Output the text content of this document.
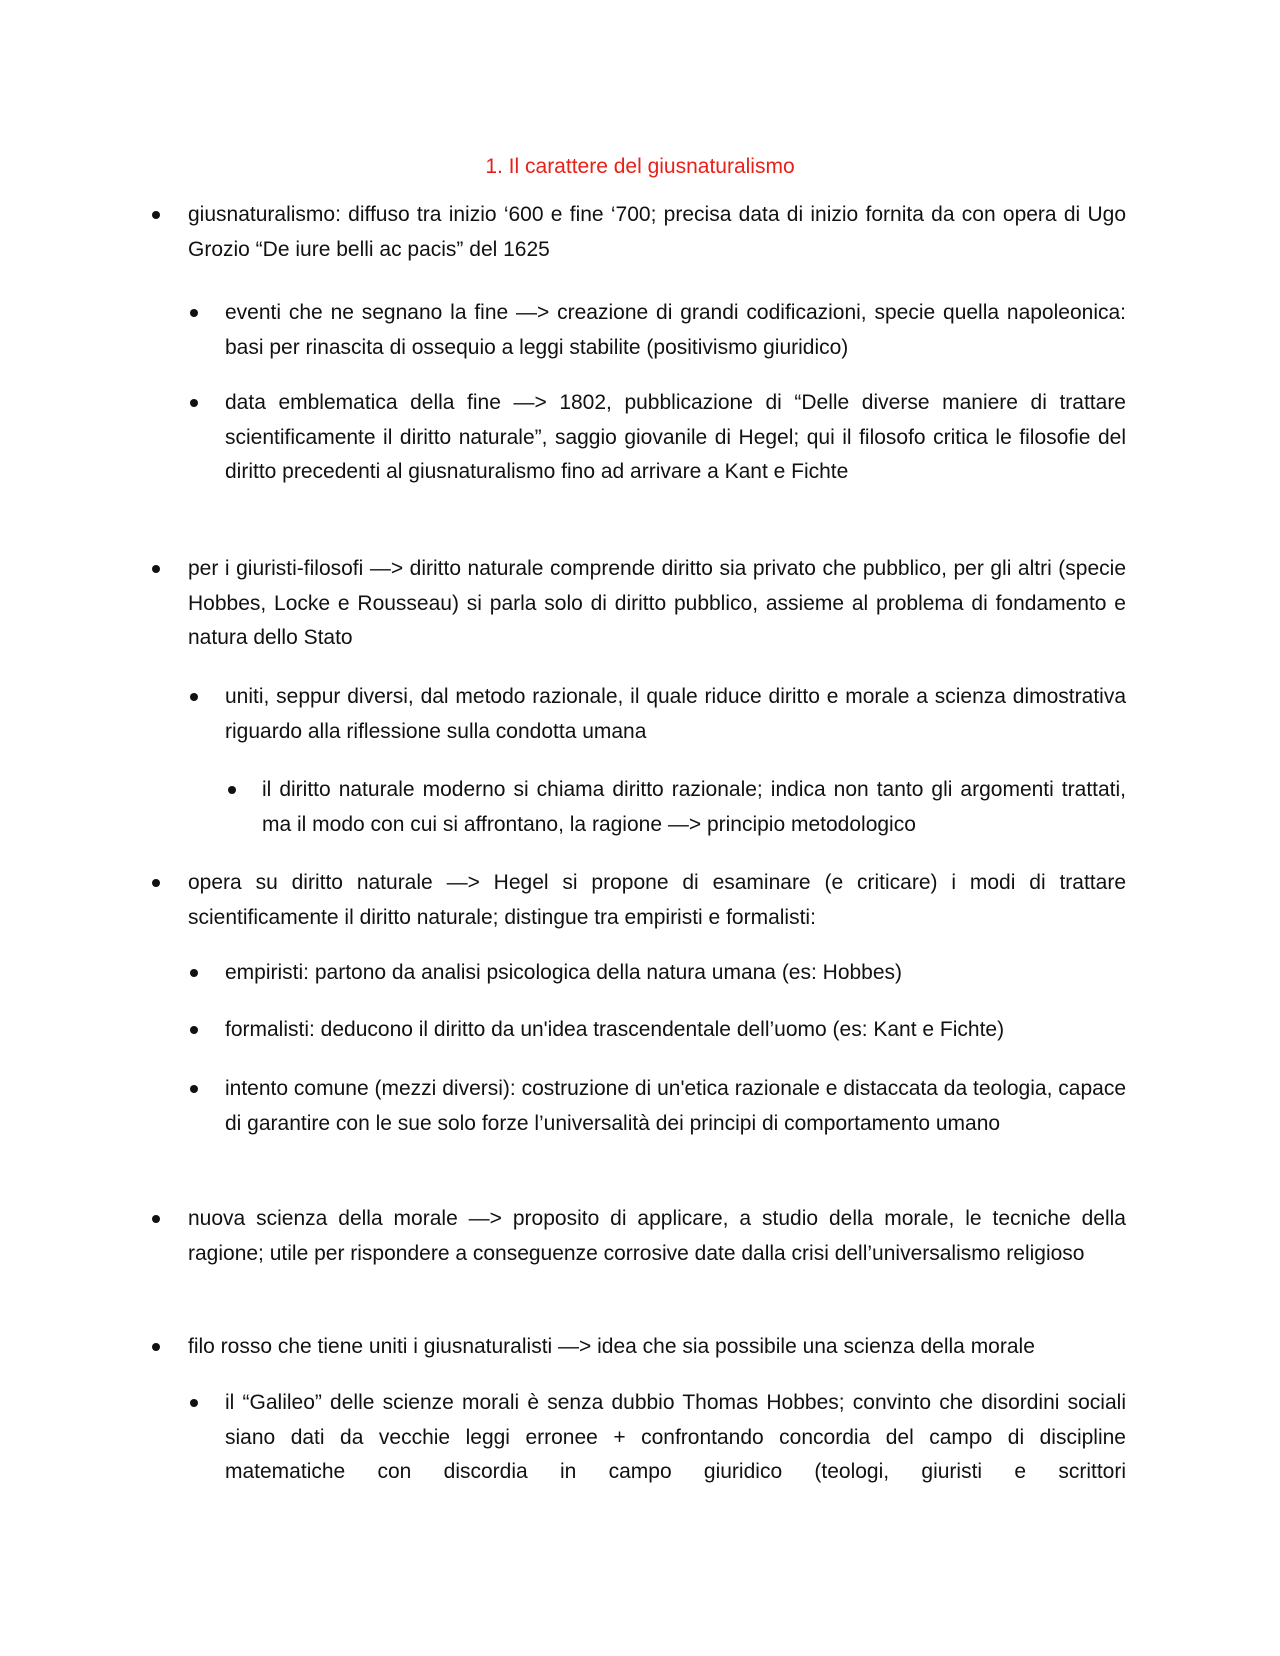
1. Il carattere del giusnaturalismo
giusnaturalismo: diffuso tra inizio ‘600 e fine ‘700; precisa data di inizio fornita da con opera di Ugo Grozio “De iure belli ac pacis” del 1625
eventi che ne segnano la fine —> creazione di grandi codificazioni, specie quella napoleonica: basi per rinascita di ossequio a leggi stabilite (positivismo giuridico)
data emblematica della fine —> 1802, pubblicazione di “Delle diverse maniere di trattare scientificamente il diritto naturale”, saggio giovanile di Hegel; qui il filosofo critica le filosofie del diritto precedenti al giusnaturalismo fino ad arrivare a Kant e Fichte
per i giuristi-filosofi —> diritto naturale comprende diritto sia privato che pubblico, per gli altri (specie Hobbes, Locke e Rousseau) si parla solo di diritto pubblico, assieme al problema di fondamento e natura dello Stato
uniti, seppur diversi, dal metodo razionale, il quale riduce diritto e morale a scienza dimostrativa riguardo alla riflessione sulla condotta umana
il diritto naturale moderno si chiama diritto razionale; indica non tanto gli argomenti trattati, ma il modo con cui si affrontano, la ragione —> principio metodologico
opera su diritto naturale —> Hegel si propone di esaminare (e criticare) i modi di trattare scientificamente il diritto naturale; distingue tra empiristi e formalisti:
empiristi: partono da analisi psicologica della natura umana (es: Hobbes)
formalisti: deducono il diritto da un'idea trascendentale dell’uomo (es: Kant e Fichte)
intento comune (mezzi diversi): costruzione di un'etica razionale e distaccata da teologia, capace di garantire con le sue solo forze l’universalità dei principi di comportamento umano
nuova scienza della morale —> proposito di applicare, a studio della morale, le tecniche della ragione; utile per rispondere a conseguenze corrosive date dalla crisi dell’universalismo religioso
filo rosso che tiene uniti i giusnaturalisti —> idea che sia possibile una scienza della morale
il “Galileo” delle scienze morali è senza dubbio Thomas Hobbes; convinto che disordini sociali siano dati da vecchie leggi erronee + confrontando concordia del campo di discipline matematiche con discordia in campo giuridico (teologi, giuristi e scrittori
